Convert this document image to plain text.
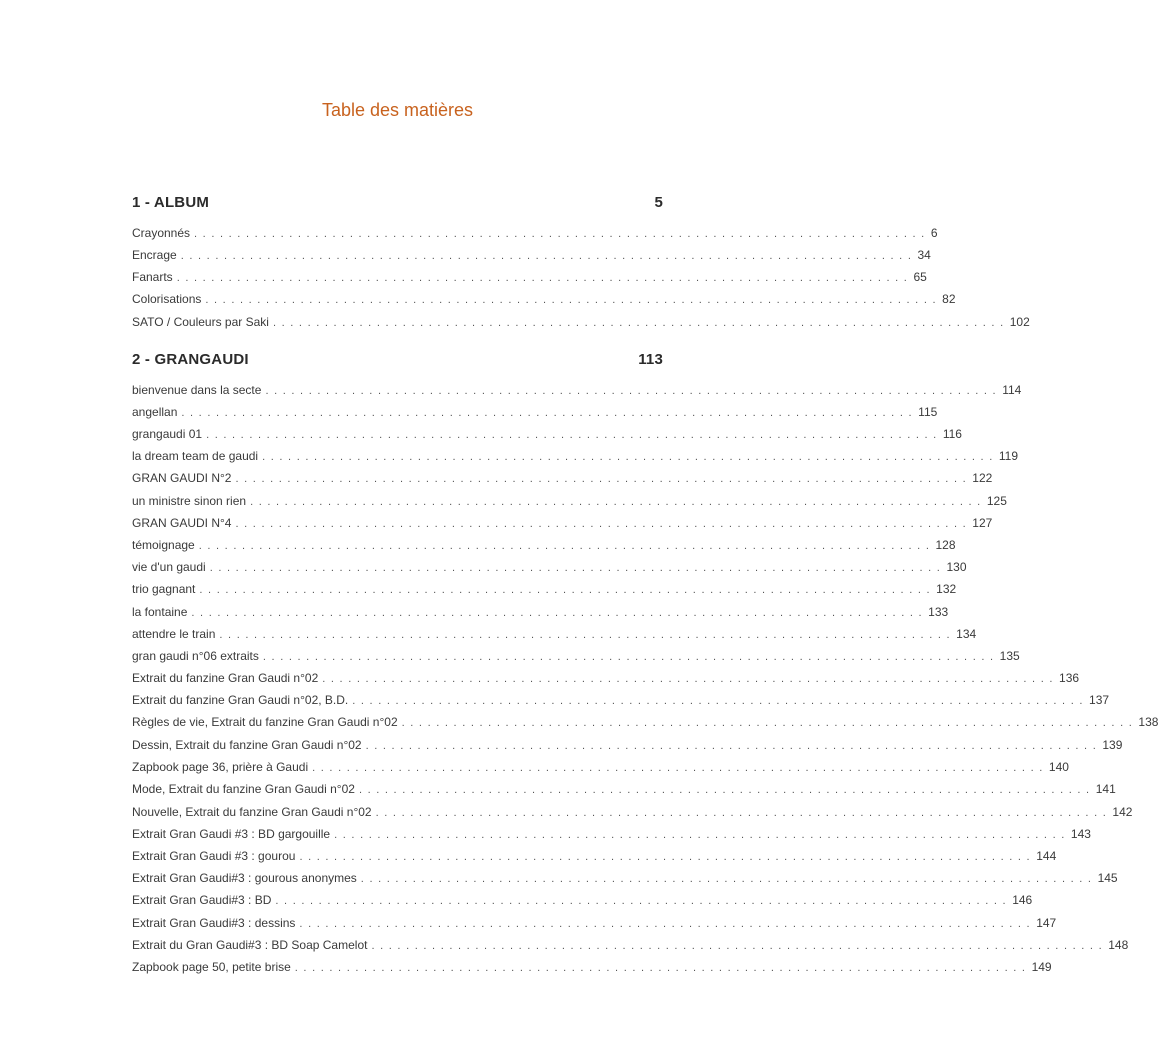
Table des matières
1 - ALBUM	5
Crayonnés ..................................................................................... 6
Encrage ..................................................................................... 34
Fanarts ..................................................................................... 65
Colorisations ..................................................................................... 82
SATO / Couleurs par Saki ..................................................................................... 102
2 - GRANGAUDI	113
bienvenue dans la secte ..................................................................................... 114
angellan ..................................................................................... 115
grangaudi 01 ..................................................................................... 116
la dream team de gaudi ..................................................................................... 119
GRAN GAUDI N°2 ..................................................................................... 122
un ministre sinon rien ..................................................................................... 125
GRAN GAUDI N°4 ..................................................................................... 127
témoignage ..................................................................................... 128
vie d'un gaudi ..................................................................................... 130
trio gagnant ..................................................................................... 132
la fontaine ..................................................................................... 133
attendre le train ..................................................................................... 134
gran gaudi n°06 extraits ..................................................................................... 135
Extrait du fanzine Gran Gaudi n°02 ..................................................................................... 136
Extrait du fanzine Gran Gaudi n°02, B.D. ..................................................................................... 137
Règles de vie, Extrait du fanzine Gran Gaudi n°02 ..................................................................................... 138
Dessin, Extrait du fanzine Gran Gaudi n°02 ..................................................................................... 139
Zapbook page 36, prière à Gaudi ..................................................................................... 140
Mode, Extrait du fanzine Gran Gaudi n°02 ..................................................................................... 141
Nouvelle, Extrait du fanzine Gran Gaudi n°02 ..................................................................................... 142
Extrait Gran Gaudi #3 : BD gargouille ..................................................................................... 143
Extrait Gran Gaudi #3 : gourou ..................................................................................... 144
Extrait Gran Gaudi#3 : gourous anonymes ..................................................................................... 145
Extrait Gran Gaudi#3 : BD ..................................................................................... 146
Extrait Gran Gaudi#3 : dessins ..................................................................................... 147
Extrait du Gran Gaudi#3 : BD Soap Camelot ..................................................................................... 148
Zapbook page 50, petite brise ..................................................................................... 149
